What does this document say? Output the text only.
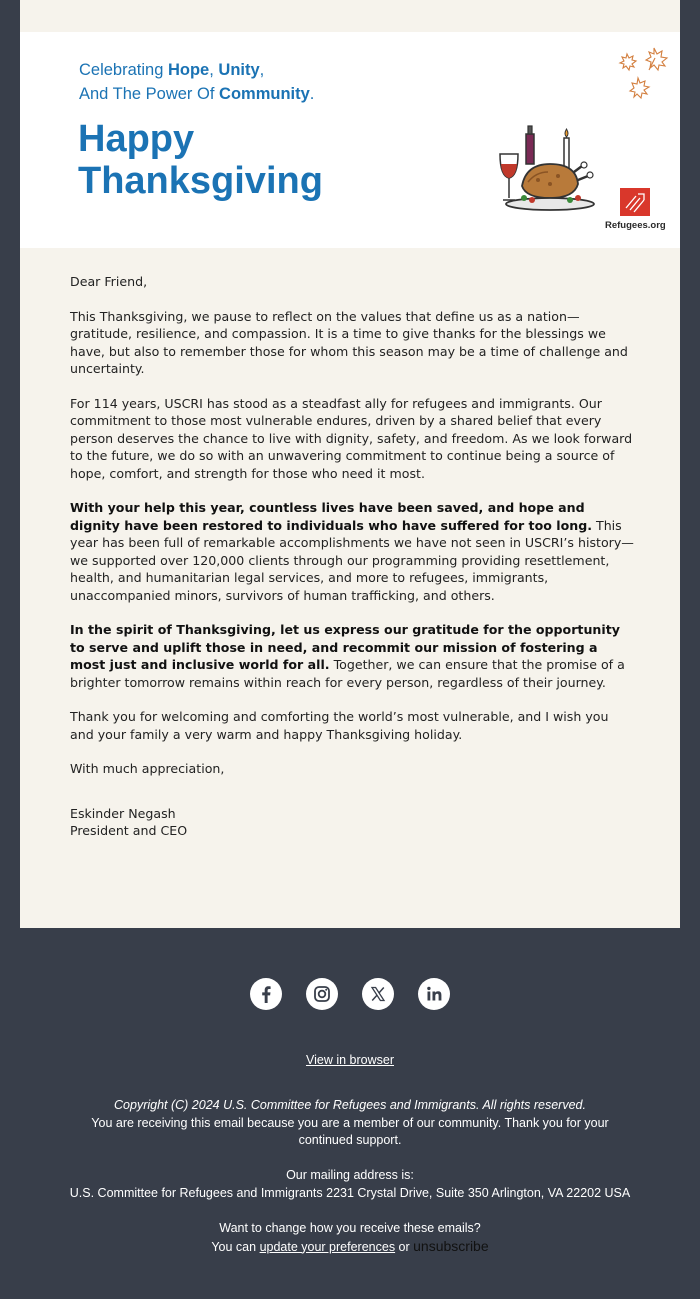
Celebrating Hope, Unity,
And The Power Of Community.
Happy
Thanksgiving
Refugees.org

Dear Friend,

This Thanksgiving, we pause to reflect on the values that define us as a nation—gratitude, resilience, and compassion. It is a time to give thanks for the blessings we have, but also to remember those for whom this season may be a time of challenge and uncertainty.

For 114 years, USCRI has stood as a steadfast ally for refugees and immigrants. Our commitment to those most vulnerable endures, driven by a shared belief that every person deserves the chance to live with dignity, safety, and freedom. As we look forward to the future, we do so with an unwavering commitment to continue being a source of hope, comfort, and strength for those who need it most.

With your help this year, countless lives have been saved, and hope and dignity have been restored to individuals who have suffered for too long. This year has been full of remarkable accomplishments we have not seen in USCRI’s history—we supported over 120,000 clients through our programming providing resettlement, health, and humanitarian legal services, and more to refugees, immigrants, unaccompanied minors, survivors of human trafficking, and others.

In the spirit of Thanksgiving, let us express our gratitude for the opportunity to serve and uplift those in need, and recommit our mission of fostering a most just and inclusive world for all. Together, we can ensure that the promise of a brighter tomorrow remains within reach for every person, regardless of their journey.

Thank you for welcoming and comforting the world’s most vulnerable, and I wish you and your family a very warm and happy Thanksgiving holiday.

With much appreciation,

Eskinder Negash
President and CEO

View in browser
Copyright (C) 2024 U.S. Committee for Refugees and Immigrants. All rights reserved.
You are receiving this email because you are a member of our community. Thank you for your
continued support.
Our mailing address is:
U.S. Committee for Refugees and Immigrants 2231 Crystal Drive, Suite 350 Arlington, VA 22202 USA
Want to change how you receive these emails?
You can update your preferences or unsubscribe
